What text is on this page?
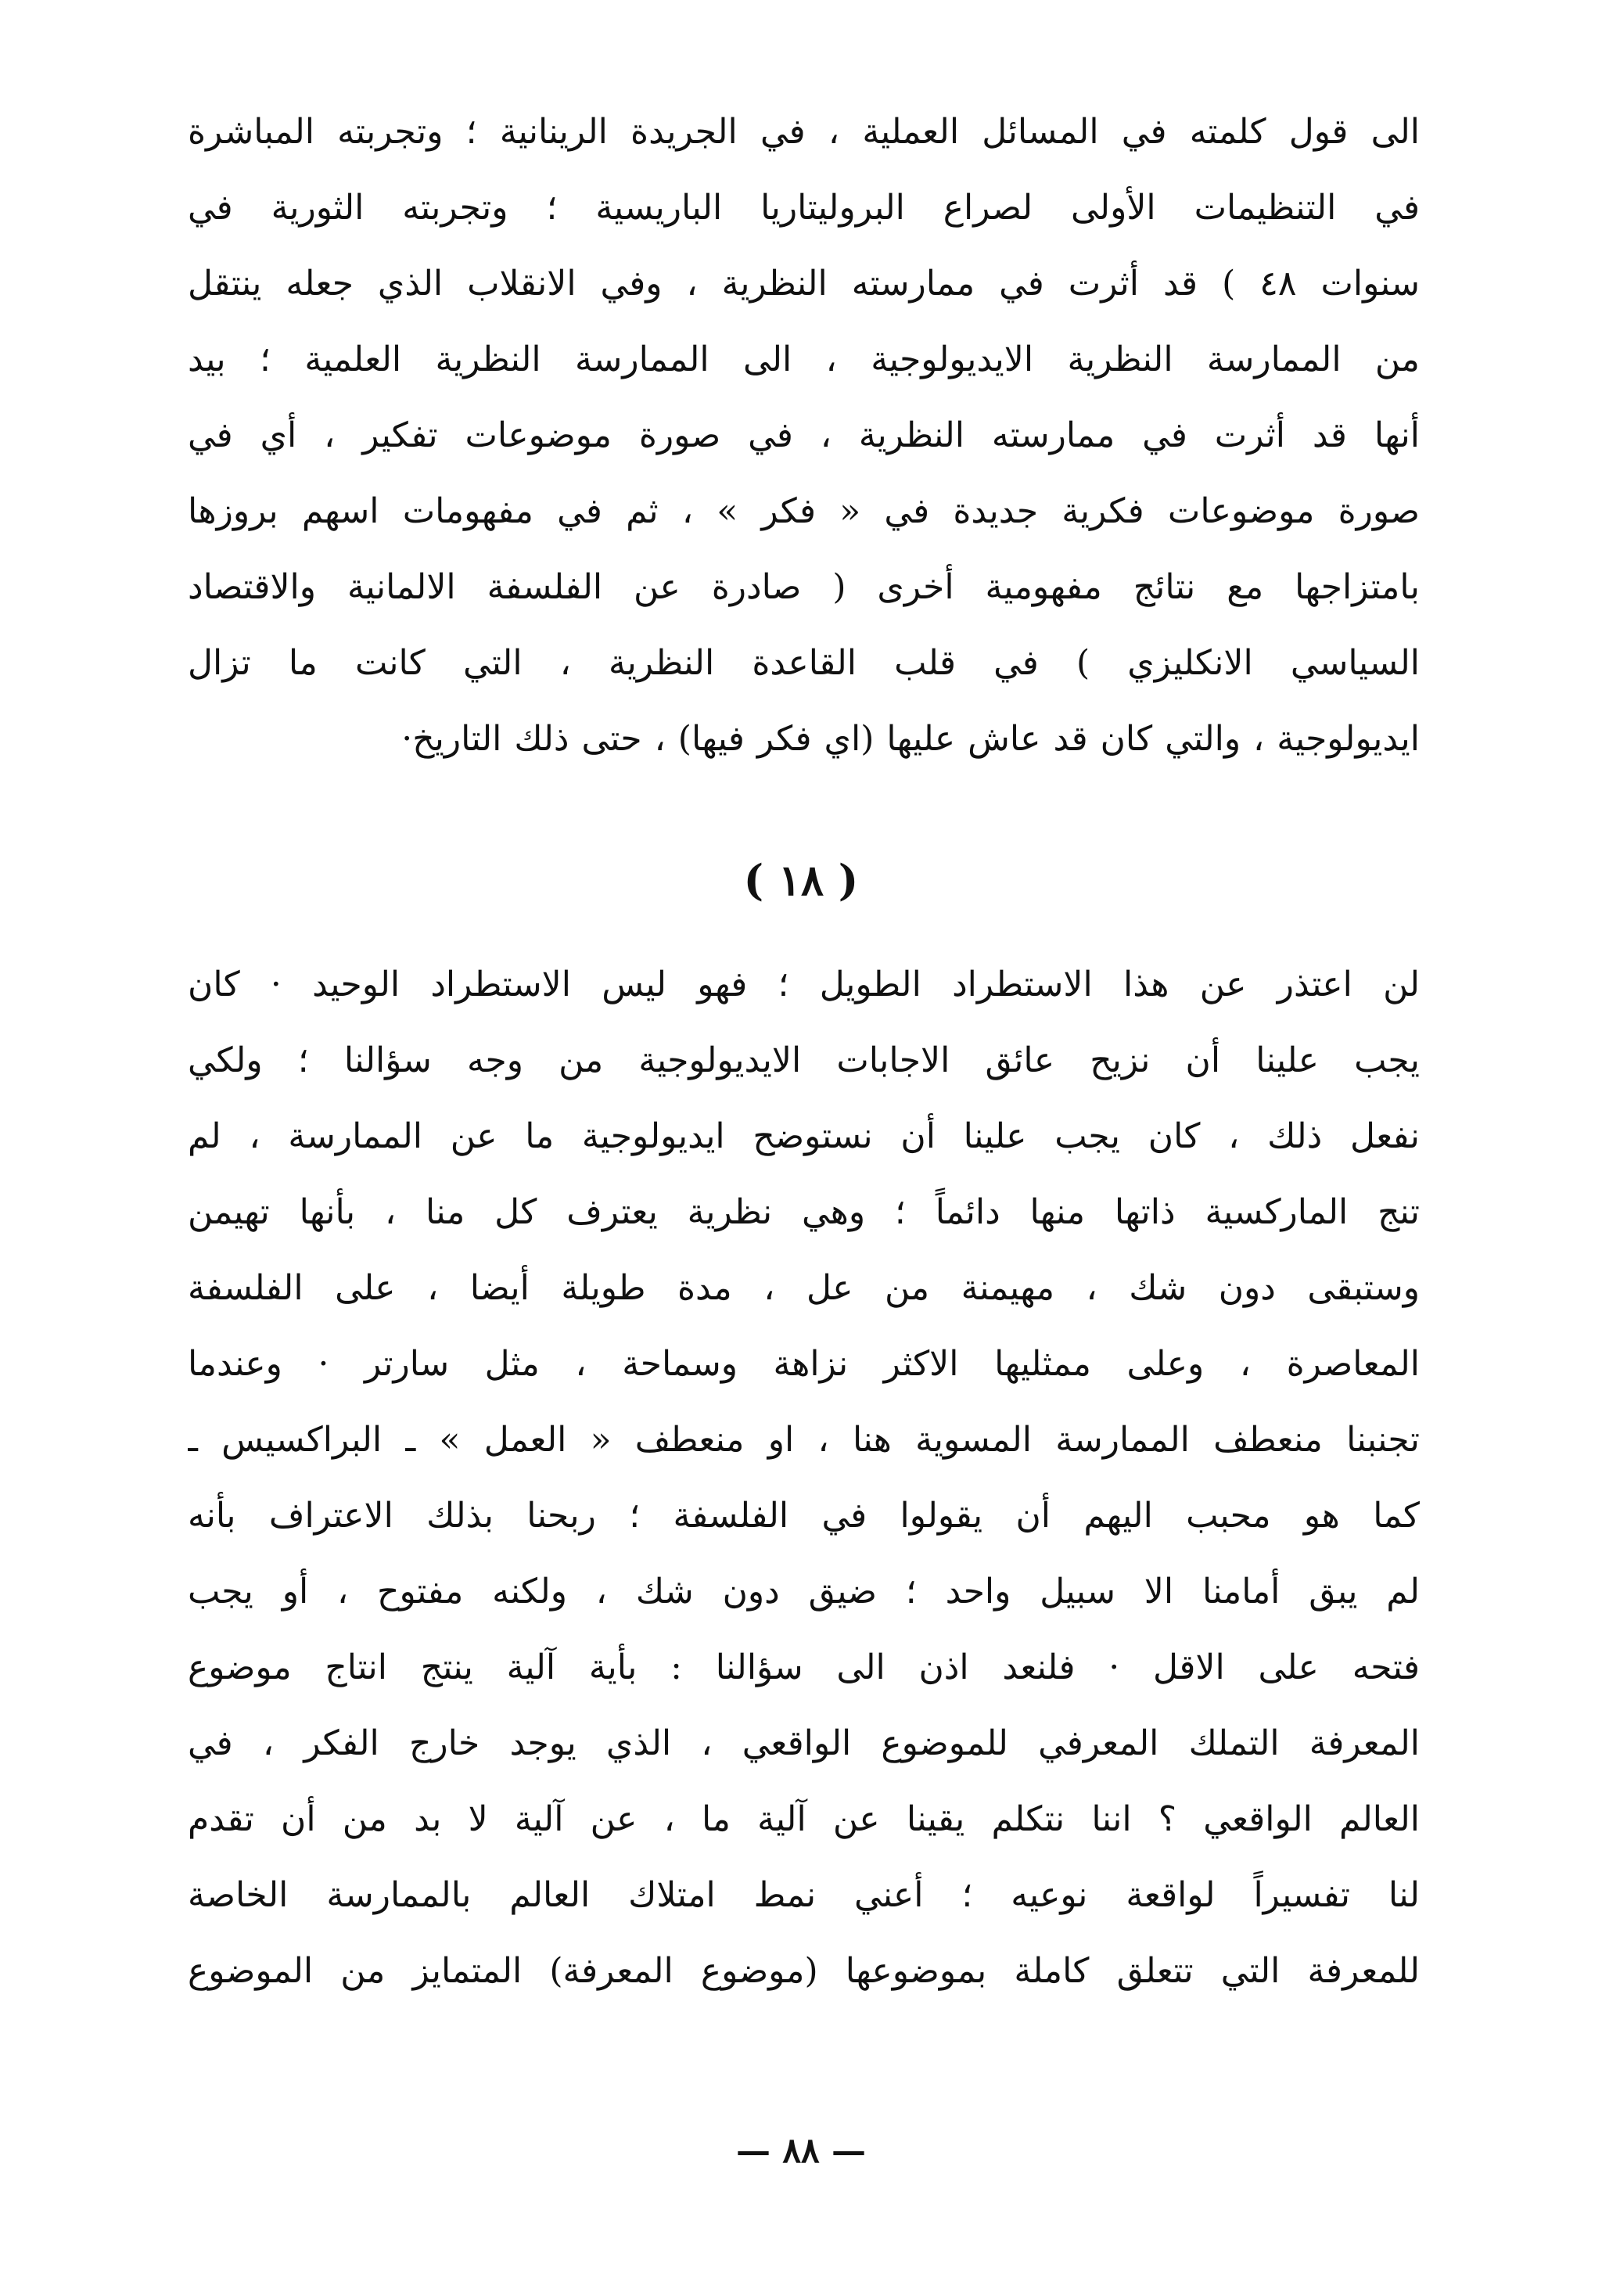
الى قول كلمته في المسائل العملية ، في الجريدة الرينانية ؛ وتجربته المباشرة
في التنظيمات الأولى لصراع البروليتاريا الباريسية ؛ وتجربته الثورية في
سنوات ٤٨ ) قد أثرت في ممارسته النظرية ، وفي الانقلاب الذي جعله ينتقل
من الممارسة النظرية الايديولوجية ، الى الممارسة النظرية العلمية ؛ بيد
أنها قد أثرت في ممارسته النظرية ، في صورة موضوعات تفكير ، أي في
صورة موضوعات فكرية جديدة في « فكر » ، ثم في مفهومات اسهم بروزها
بامتزاجها مع نتائج مفهومية أخرى ( صادرة عن الفلسفة الالمانية والاقتصاد
السياسي الانكليزي ) في قلب القاعدة النظرية ، التي كانت ما تزال
ايديولوجية ، والتي كان قد عاش عليها (اي فكر فيها) ، حتى ذلك التاريخ·
( ١٨ )
لن اعتذر عن هذا الاستطراد الطويل ؛ فهو ليس الاستطراد الوحيد · كان
يجب علينا أن نزيح عائق الاجابات الايديولوجية من وجه سؤالنا ؛ ولكي
نفعل ذلك ، كان يجب علينا أن نستوضح ايديولوجية ما عن الممارسة ، لم
تنج الماركسية ذاتها منها دائماً ؛ وهي نظرية يعترف كل منا ، بأنها تهيمن
وستبقى دون شك ، مهيمنة من عل ، مدة طويلة أيضا ، على الفلسفة
المعاصرة ، وعلى ممثليها الاكثر نزاهة وسماحة ، مثل سارتر · وعندما
تجنبنا منعطف الممارسة المسوية هنا ، او منعطف « العمل » ـ البراكسيس ـ
كما هو محبب اليهم أن يقولوا في الفلسفة ؛ ربحنا بذلك الاعتراف بأنه
لم يبق أمامنا الا سبيل واحد ؛ ضيق دون شك ، ولكنه مفتوح ، أو يجب
فتحه على الاقل · فلنعد اذن الى سؤالنا : بأية آلية ينتج انتاج موضوع
المعرفة التملك المعرفي للموضوع الواقعي ، الذي يوجد خارج الفكر ، في
العالم الواقعي ؟ اننا نتكلم يقينا عن آلية ما ، عن آلية لا بد من أن تقدم
لنا تفسيراً لواقعة نوعيه ؛ أعني نمط امتلاك العالم بالممارسة الخاصة
للمعرفة التي تتعلق كاملة بموضوعها (موضوع المعرفة) المتمايز من الموضوع
— ٨٨ —
